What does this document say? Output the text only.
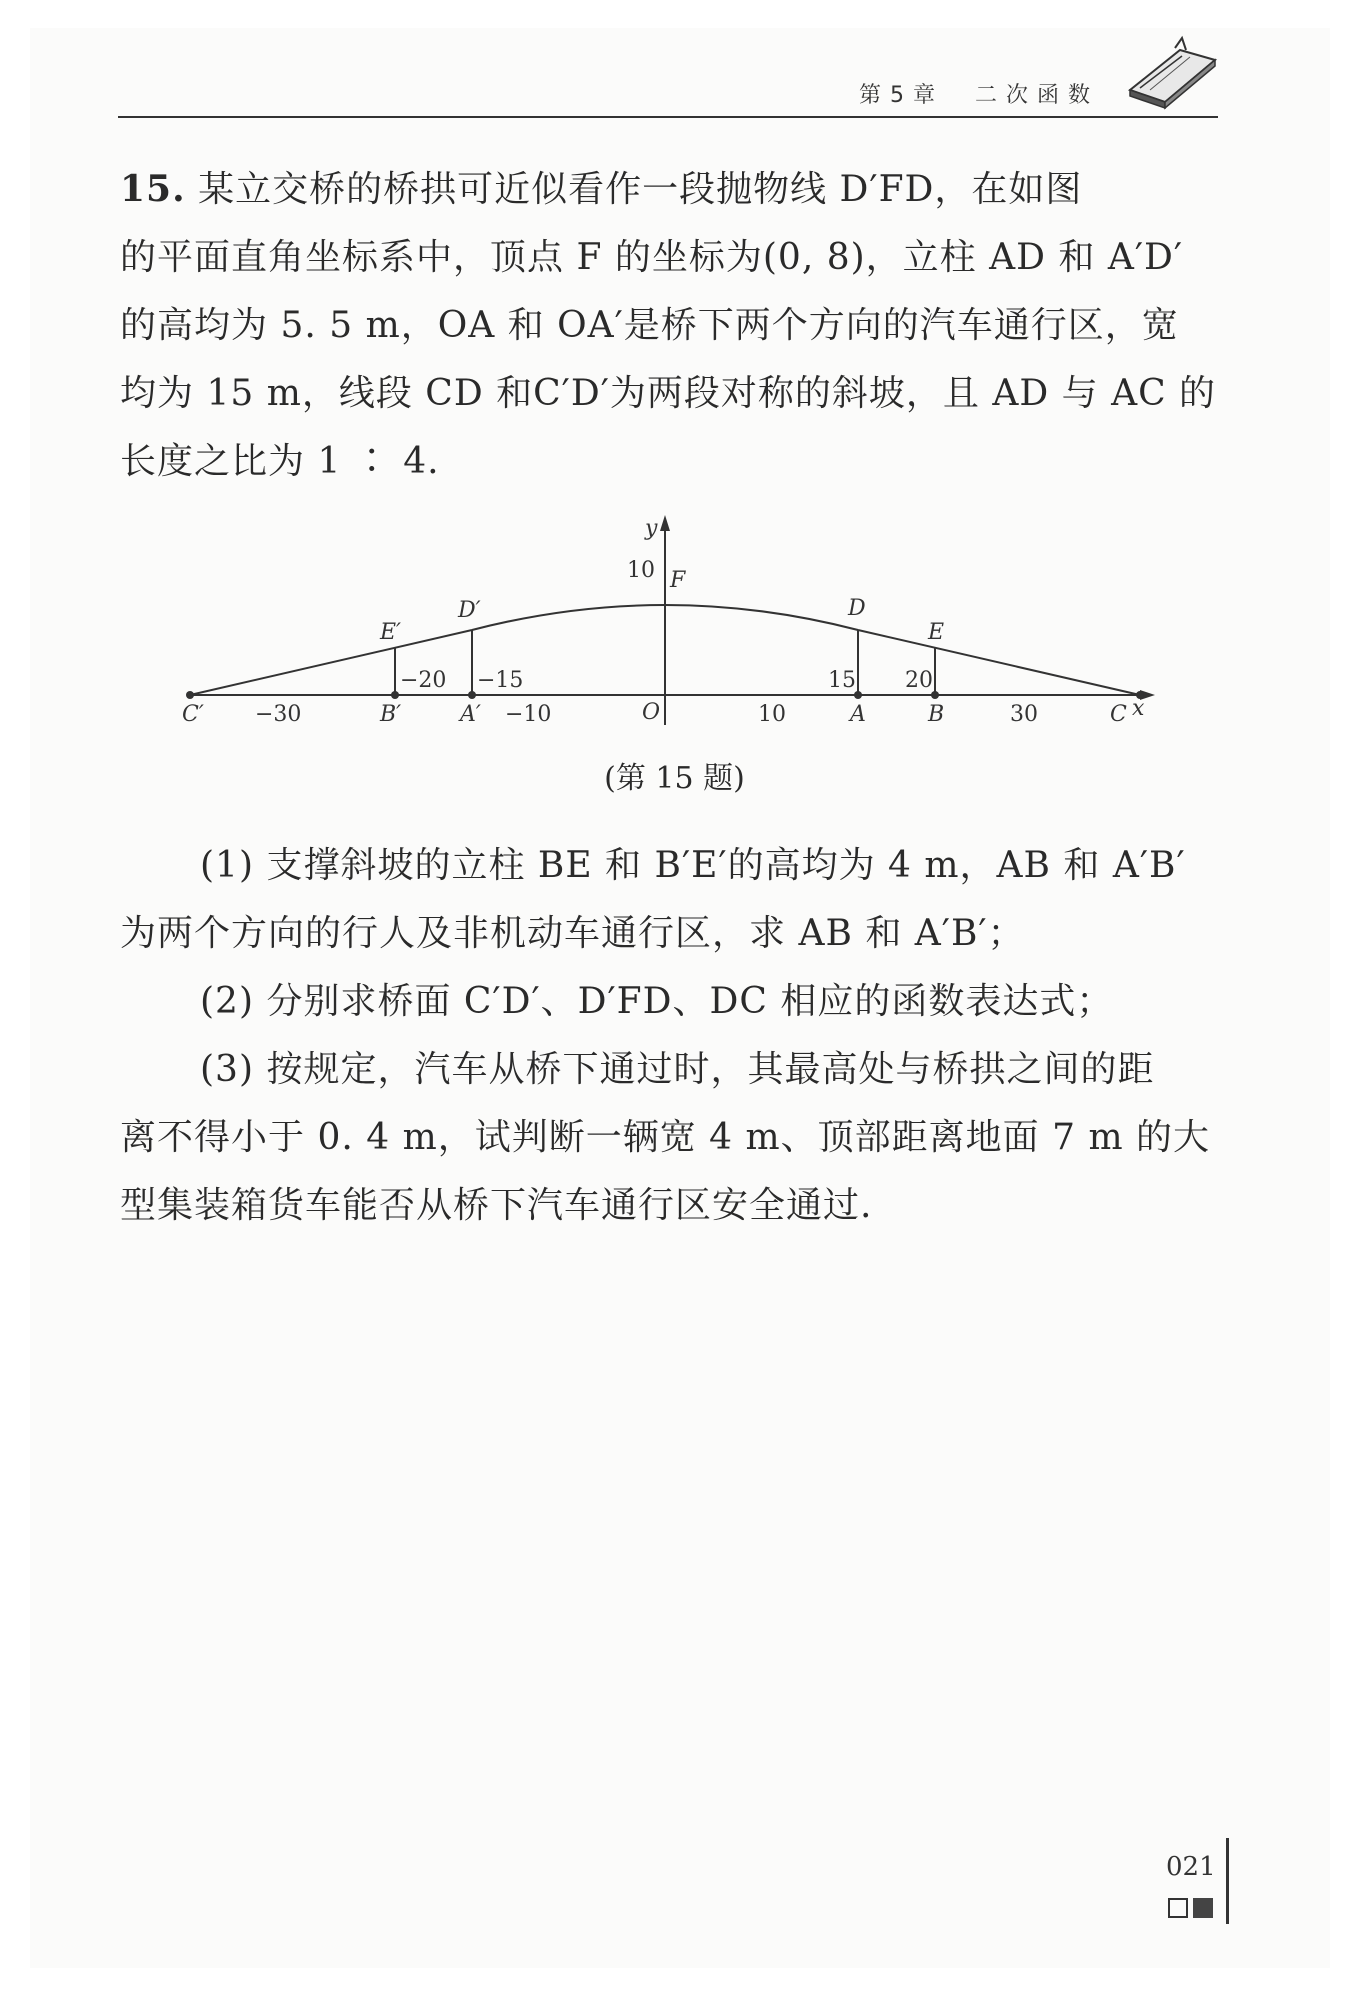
第5章　二次函数
15. 某立交桥的桥拱可近似看作一段抛物线 D′FD，在如图
的平面直角坐标系中，顶点 F 的坐标为(0, 8)，立柱 AD 和 A′D′
的高均为 5. 5 m，OA 和 OA′是桥下两个方向的汽车通行区，宽
均为 15 m，线段 CD 和C′D′为两段对称的斜坡，且 AD 与 AC 的
长度之比为 1 ∶ 4.
y
x
O
10 F
−30	−10	10	30
−20 −15	15 20
C′	B′	A′	A	B	C
E′
D′	D
E
(第 15 题)
(1) 支撑斜坡的立柱 BE 和 B′E′的高均为 4 m，AB 和 A′B′
为两个方向的行人及非机动车通行区，求 AB 和 A′B′；
(2) 分别求桥面 C′D′、D′FD、DC 相应的函数表达式；
(3) 按规定，汽车从桥下通过时，其最高处与桥拱之间的距
离不得小于 0. 4 m，试判断一辆宽 4 m、顶部距离地面 7 m 的大
型集装箱货车能否从桥下汽车通行区安全通过.
021
